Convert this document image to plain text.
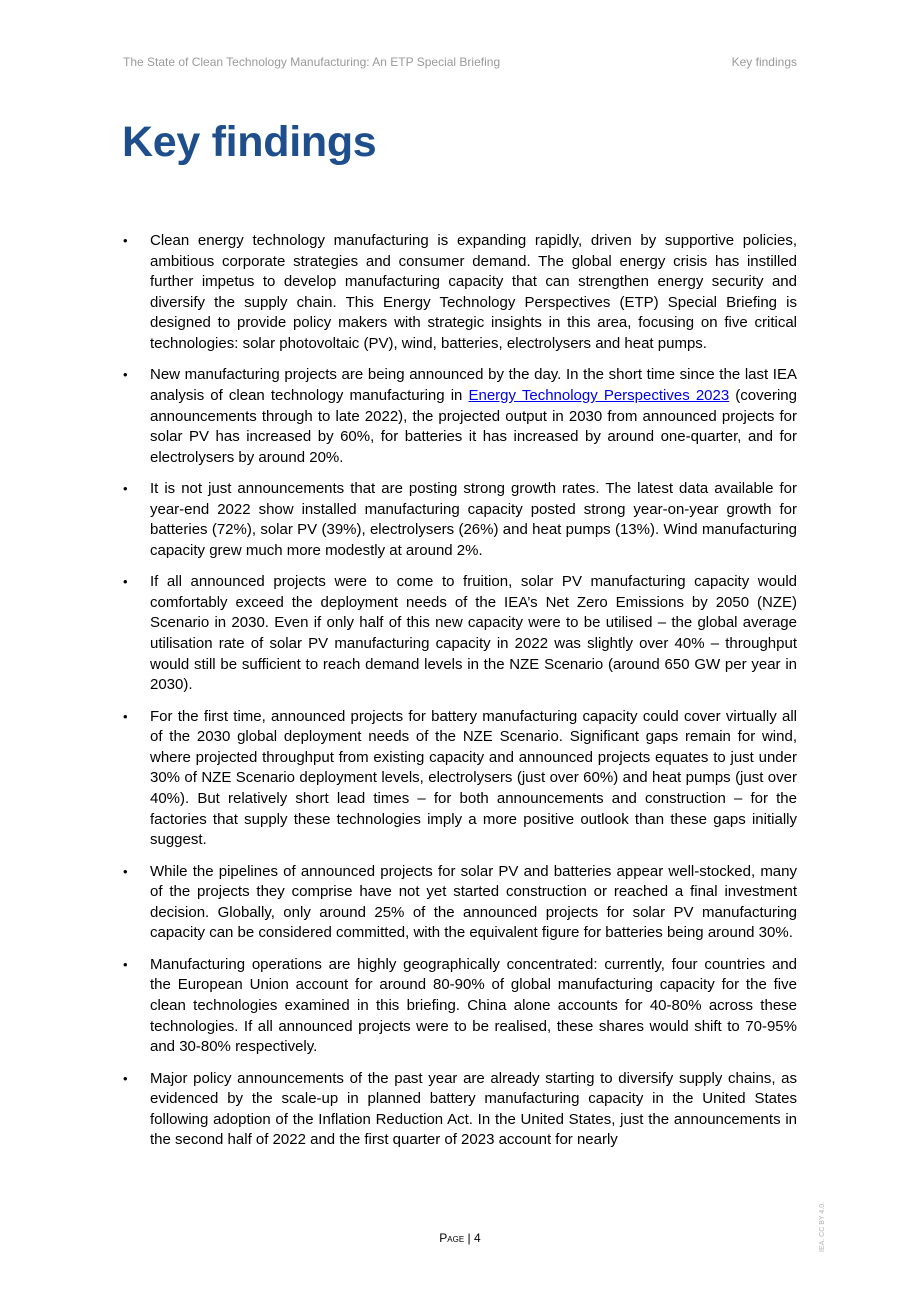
The State of Clean Technology Manufacturing: An ETP Special Briefing	Key findings
Key findings
• Clean energy technology manufacturing is expanding rapidly, driven by supportive policies, ambitious corporate strategies and consumer demand. The global energy crisis has instilled further impetus to develop manufacturing capacity that can strengthen energy security and diversify the supply chain. This Energy Technology Perspectives (ETP) Special Briefing is designed to provide policy makers with strategic insights in this area, focusing on five critical technologies: solar photovoltaic (PV), wind, batteries, electrolysers and heat pumps.
• New manufacturing projects are being announced by the day. In the short time since the last IEA analysis of clean technology manufacturing in Energy Technology Perspectives 2023 (covering announcements through to late 2022), the projected output in 2030 from announced projects for solar PV has increased by 60%, for batteries it has increased by around one-quarter, and for electrolysers by around 20%.
• It is not just announcements that are posting strong growth rates. The latest data available for year-end 2022 show installed manufacturing capacity posted strong year-on-year growth for batteries (72%), solar PV (39%), electrolysers (26%) and heat pumps (13%). Wind manufacturing capacity grew much more modestly at around 2%.
• If all announced projects were to come to fruition, solar PV manufacturing capacity would comfortably exceed the deployment needs of the IEA’s Net Zero Emissions by 2050 (NZE) Scenario in 2030. Even if only half of this new capacity were to be utilised – the global average utilisation rate of solar PV manufacturing capacity in 2022 was slightly over 40% – throughput would still be sufficient to reach demand levels in the NZE Scenario (around 650 GW per year in 2030).
• For the first time, announced projects for battery manufacturing capacity could cover virtually all of the 2030 global deployment needs of the NZE Scenario. Significant gaps remain for wind, where projected throughput from existing capacity and announced projects equates to just under 30% of NZE Scenario deployment levels, electrolysers (just over 60%) and heat pumps (just over 40%). But relatively short lead times – for both announcements and construction – for the factories that supply these technologies imply a more positive outlook than these gaps initially suggest.
• While the pipelines of announced projects for solar PV and batteries appear well-stocked, many of the projects they comprise have not yet started construction or reached a final investment decision. Globally, only around 25% of the announced projects for solar PV manufacturing capacity can be considered committed, with the equivalent figure for batteries being around 30%.
• Manufacturing operations are highly geographically concentrated: currently, four countries and the European Union account for around 80-90% of global manufacturing capacity for the five clean technologies examined in this briefing. China alone accounts for 40-80% across these technologies. If all announced projects were to be realised, these shares would shift to 70-95% and 30-80% respectively.
• Major policy announcements of the past year are already starting to diversify supply chains, as evidenced by the scale-up in planned battery manufacturing capacity in the United States following adoption of the Inflation Reduction Act. In the United States, just the announcements in the second half of 2022 and the first quarter of 2023 account for nearly
Page | 4	IEA. CC BY 4.0.
